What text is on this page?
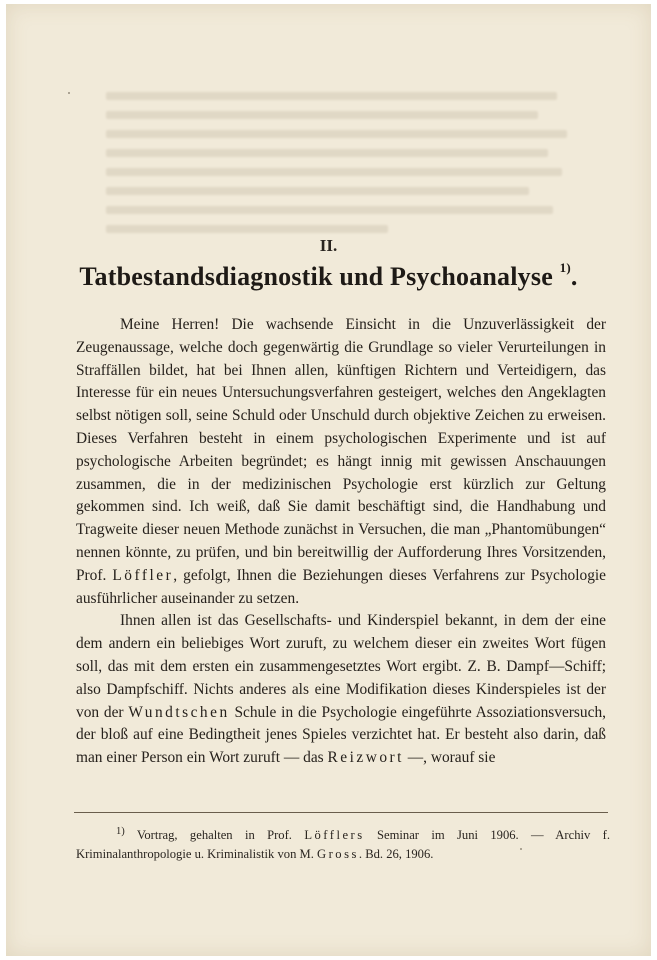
II.
Tatbestandsdiagnostik und Psychoanalyse $^{1)}$.

Meine Herren! Die wachsende Einsicht in die Unzuverlässigkeit der Zeugenaussage, welche doch gegenwärtig die Grundlage so vieler Verurteilungen in Straffällen bildet, hat bei Ihnen allen, künftigen Richtern und Verteidigern, das Interesse für ein neues Untersuchungsverfahren gesteigert, welches den Angeklagten selbst nötigen soll, seine Schuld oder Unschuld durch objektive Zeichen zu erweisen. Dieses Verfahren besteht in einem psychologischen Experimente und ist auf psychologische Arbeiten begründet; es hängt innig mit gewissen Anschauungen zusammen, die in der medizinischen Psychologie erst kürzlich zur Geltung gekommen sind. Ich weiß, daß Sie damit beschäftigt sind, die Handhabung und Tragweite dieser neuen Methode zunächst in Versuchen, die man „Phantomübungen“ nennen könnte, zu prüfen, und bin bereitwillig der Aufforderung Ihres Vorsitzenden, Prof. Löffler, gefolgt, Ihnen die Beziehungen dieses Verfahrens zur Psychologie ausführlicher auseinander zu setzen.

Ihnen allen ist das Gesellschafts- und Kinderspiel bekannt, in dem der eine dem andern ein beliebiges Wort zuruft, zu welchem dieser ein zweites Wort fügen soll, das mit dem ersten ein zusammengesetztes Wort ergibt. Z. B. Dampf—Schiff; also Dampfschiff. Nichts anderes als eine Modifikation dieses Kinderspieles ist der von der Wundtschen Schule in die Psychologie eingeführte Assoziationsversuch, der bloß auf eine Bedingtheit jenes Spieles verzichtet hat. Er besteht also darin, daß man einer Person ein Wort zuruft — das Reizwort —, worauf sie

$^{1)}$ Vortrag, gehalten in Prof. Löfflers Seminar im Juni 1906. — Archiv f. Kriminalanthropologie u. Kriminalistik von M. Gross. Bd. 26, 1906.
